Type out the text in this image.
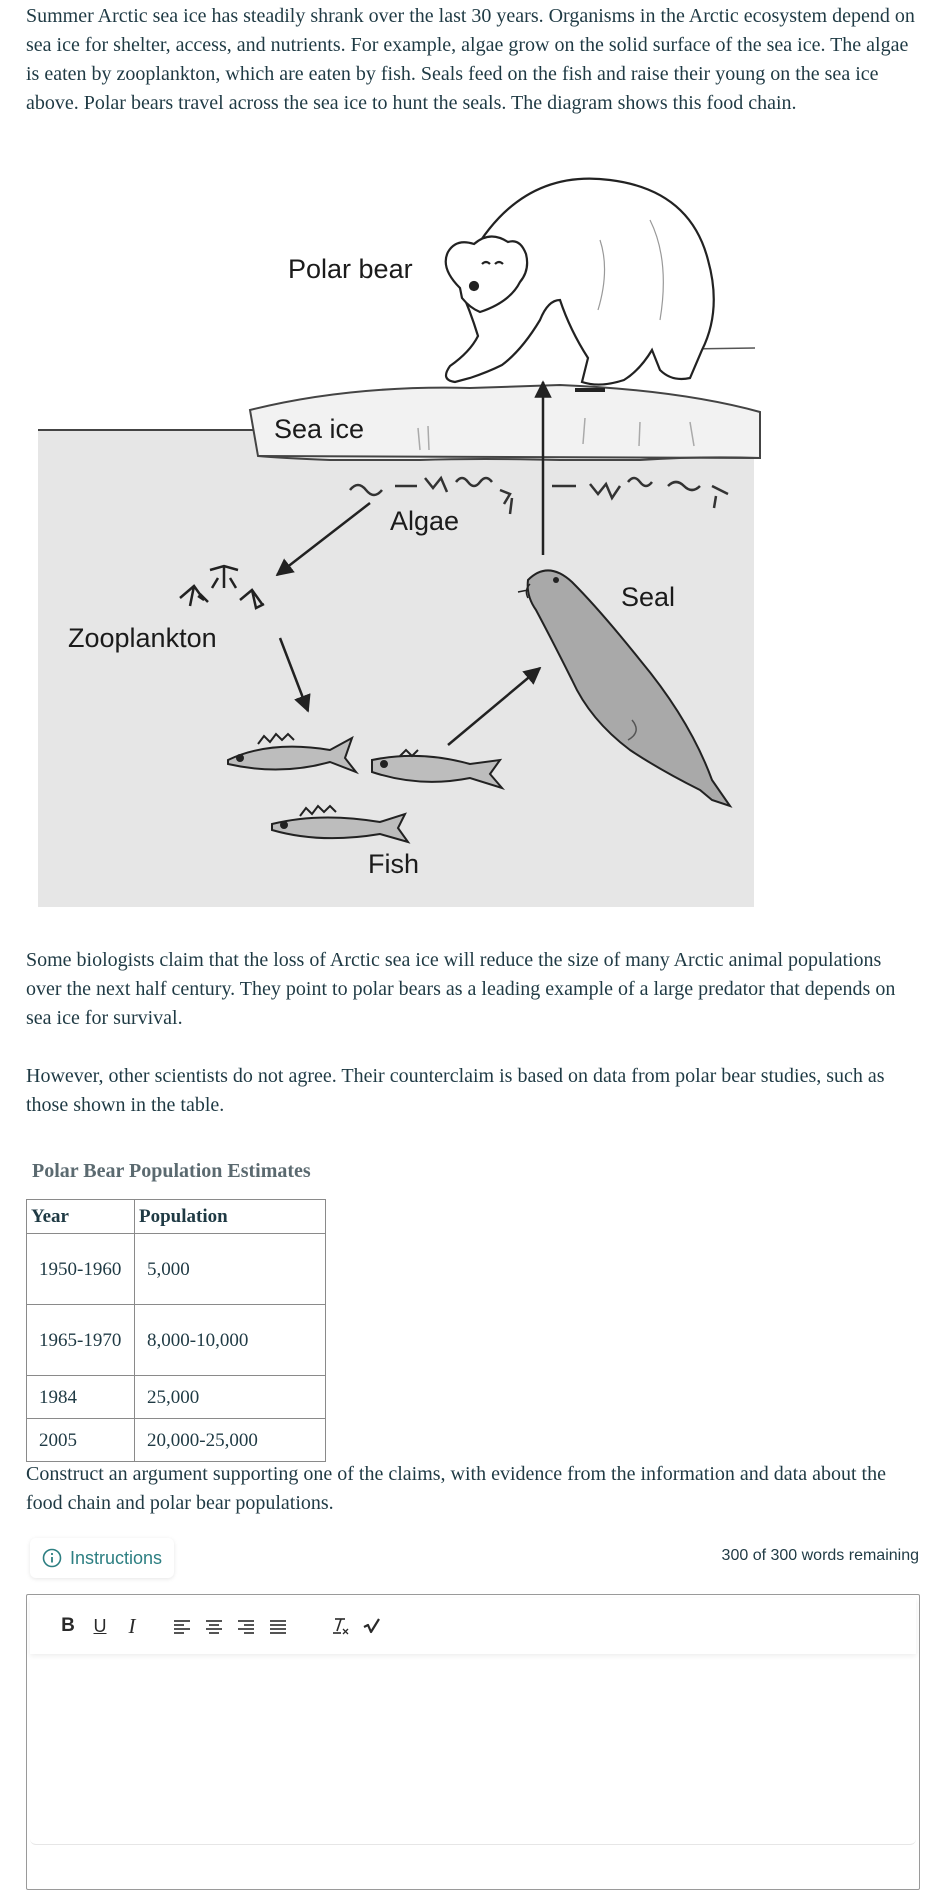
Summer Arctic sea ice has steadily shrank over the last 30 years. Organisms in the Arctic ecosystem depend on sea ice for shelter, access, and nutrients. For example, algae grow on the solid surface of the sea ice. The algae is eaten by zooplankton, which are eaten by fish. Seals feed on the fish and raise their young on the sea ice above. Polar bears travel across the sea ice to hunt the seals. The diagram shows this food chain.

Polar bear
Sea ice
Algae
Zooplankton
Seal
Fish

Some biologists claim that the loss of Arctic sea ice will reduce the size of many Arctic animal populations over the next half century. They point to polar bears as a leading example of a large predator that depends on sea ice for survival.

However, other scientists do not agree. Their counterclaim is based on data from polar bear studies, such as those shown in the table.

Polar Bear Population Estimates
Year	Population
1950-1960	5,000
1965-1970	8,000-10,000
1984	25,000
2005	20,000-25,000

Construct an argument supporting one of the claims, with evidence from the information and data about the food chain and polar bear populations.

Instructions	300 of 300 words remaining
B U I
